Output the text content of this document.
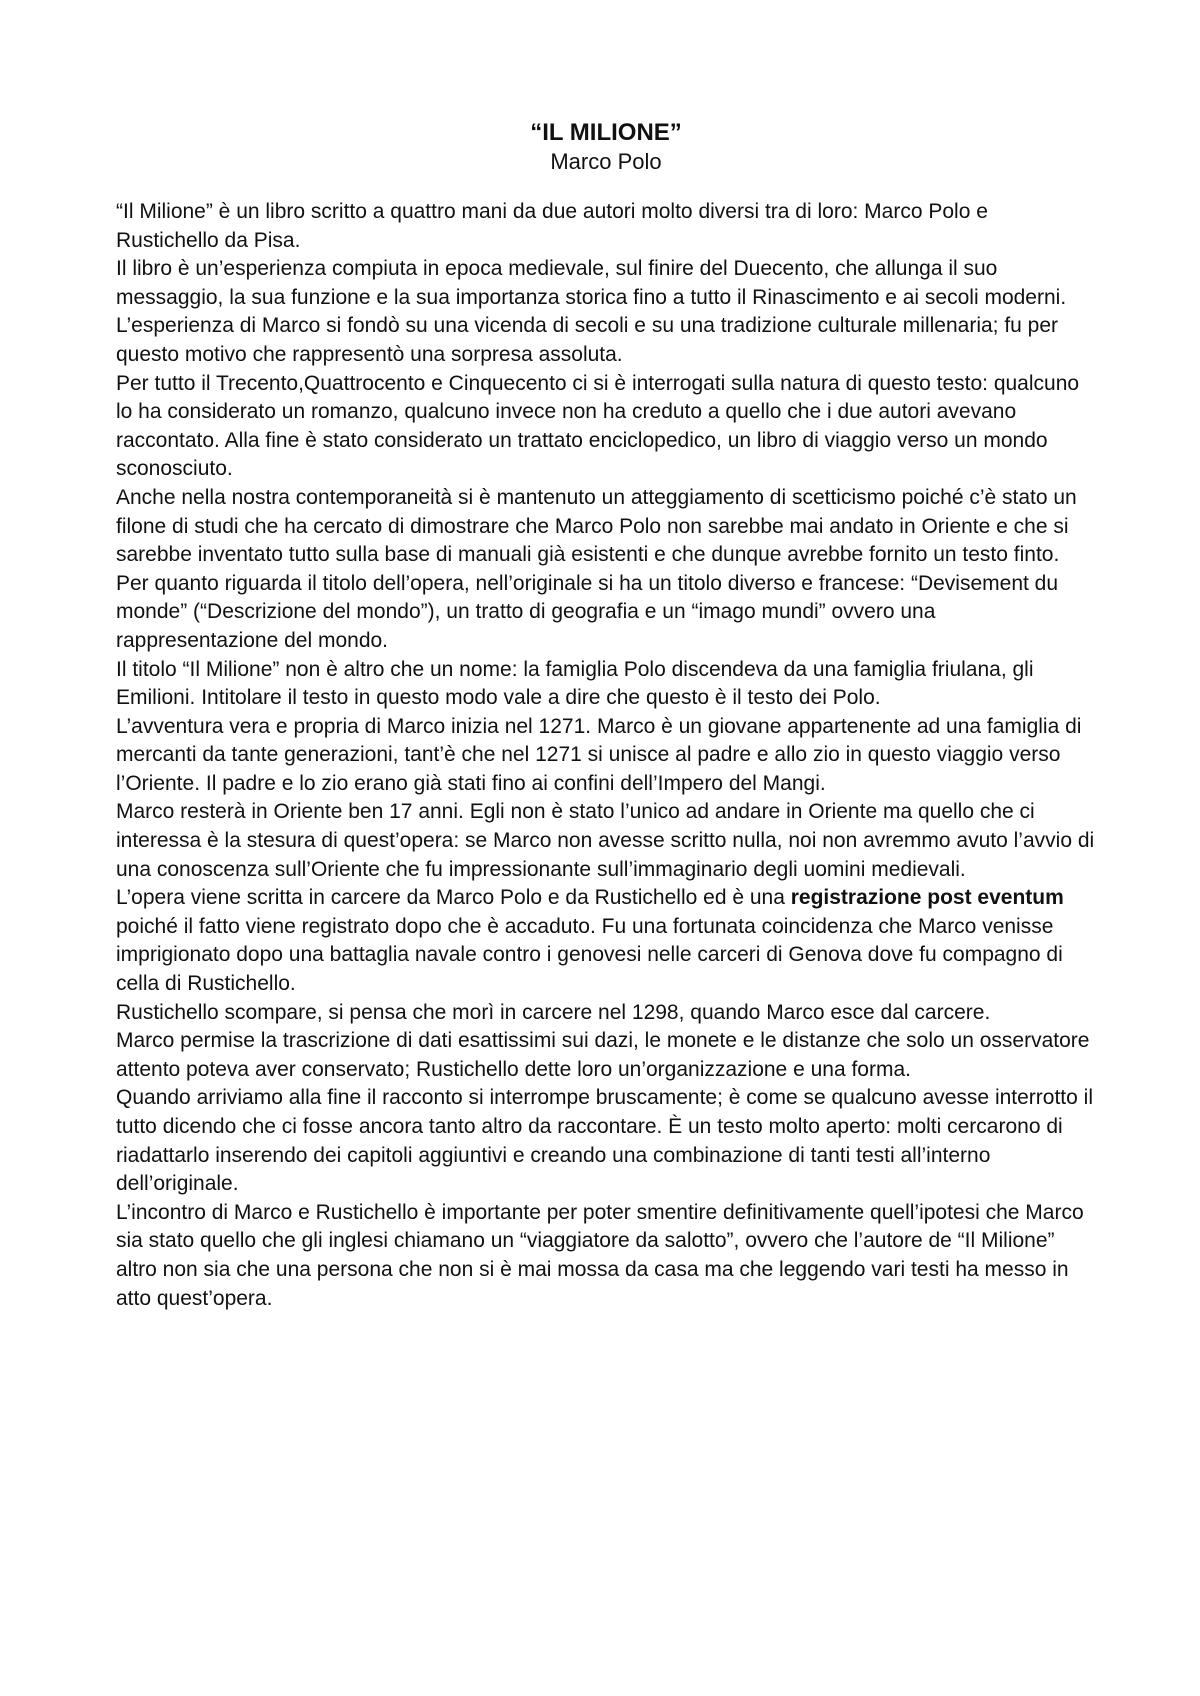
“IL MILIONE”
Marco Polo

“Il Milione” è un libro scritto a quattro mani da due autori molto diversi tra di loro: Marco Polo e Rustichello da Pisa.

Il libro è un’esperienza compiuta in epoca medievale, sul finire del Duecento, che allunga il suo messaggio, la sua funzione e la sua importanza storica fino a tutto il Rinascimento e ai secoli moderni.

L’esperienza di Marco si fondò su una vicenda di secoli e su una tradizione culturale millenaria; fu per questo motivo che rappresentò una sorpresa assoluta.

Per tutto il Trecento,Quattrocento e Cinquecento ci si è interrogati sulla natura di questo testo: qualcuno lo ha considerato un romanzo, qualcuno invece non ha creduto a quello che i due autori avevano raccontato. Alla fine è stato considerato un trattato enciclopedico, un libro di viaggio verso un mondo sconosciuto.

Anche nella nostra contemporaneità si è mantenuto un atteggiamento di scetticismo poiché c’è stato un filone di studi che ha cercato di dimostrare che Marco Polo non sarebbe mai andato in Oriente e che si sarebbe inventato tutto sulla base di manuali già esistenti e che dunque avrebbe fornito un testo finto.

Per quanto riguarda il titolo dell’opera, nell’originale si ha un titolo diverso e francese: “Devisement du monde” (“Descrizione del mondo”), un tratto di geografia e un “imago mundi” ovvero una rappresentazione del mondo.

Il titolo “Il Milione” non è altro che un nome: la famiglia Polo discendeva da una famiglia friulana, gli Emilioni. Intitolare il testo in questo modo vale a dire che questo è il testo dei Polo.

L’avventura vera e propria di Marco inizia nel 1271. Marco è un giovane appartenente ad una famiglia di mercanti da tante generazioni, tant’è che nel 1271 si unisce al padre e allo zio in questo viaggio verso l’Oriente. Il padre e lo zio erano già stati fino ai confini dell’Impero del Mangi.

Marco resterà in Oriente ben 17 anni. Egli non è stato l’unico ad andare in Oriente ma quello che ci interessa è la stesura di quest’opera: se Marco non avesse scritto nulla, noi non avremmo avuto l’avvio di una conoscenza sull’Oriente che fu impressionante sull’immaginario degli uomini medievali.

L’opera viene scritta in carcere da Marco Polo e da Rustichello ed è una registrazione post eventum poiché il fatto viene registrato dopo che è accaduto. Fu una fortunata coincidenza che Marco venisse imprigionato dopo una battaglia navale contro i genovesi nelle carceri di Genova dove fu compagno di cella di Rustichello.

Rustichello scompare, si pensa che morì in carcere nel 1298, quando Marco esce dal carcere.

Marco permise la trascrizione di dati esattissimi sui dazi, le monete e le distanze che solo un osservatore attento poteva aver conservato; Rustichello dette loro un’organizzazione e una forma.

Quando arriviamo alla fine il racconto si interrompe bruscamente; è come se qualcuno avesse interrotto il tutto dicendo che ci fosse ancora tanto altro da raccontare. È un testo molto aperto: molti cercarono di riadattarlo inserendo dei capitoli aggiuntivi e creando una combinazione di tanti testi all’interno dell’originale.

L’incontro di Marco e Rustichello è importante per poter smentire definitivamente quell’ipotesi che Marco sia stato quello che gli inglesi chiamano un “viaggiatore da salotto”, ovvero che l’autore de “Il Milione” altro non sia che una persona che non si è mai mossa da casa ma che leggendo vari testi ha messo in atto quest’opera.
